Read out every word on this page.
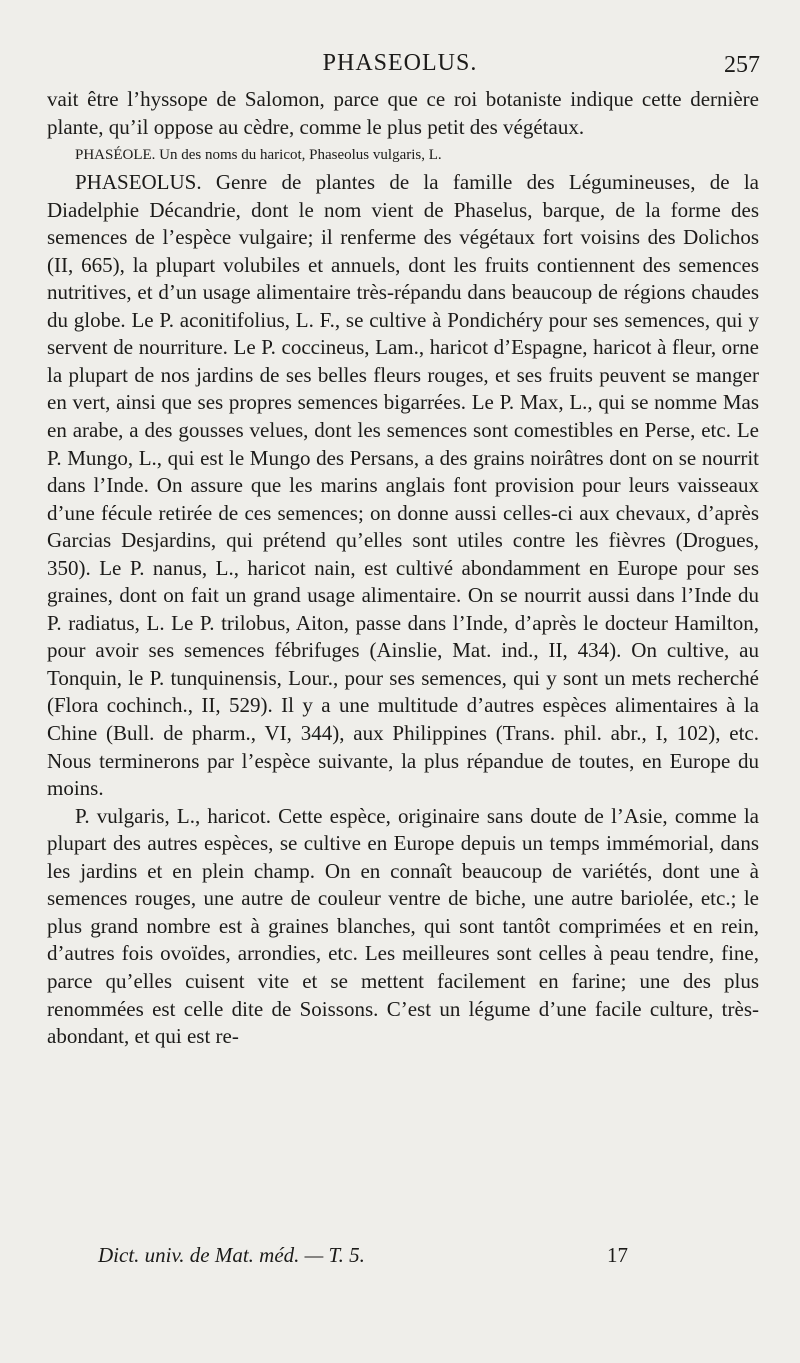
PHASEOLUS.	257

vait être l’hyssope de Salomon, parce que ce roi botaniste indique cette dernière plante, qu’il oppose au cèdre, comme le plus petit des végétaux.

PHASÉOLE. Un des noms du haricot, Phaseolus vulgaris, L.

PHASEOLUS. Genre de plantes de la famille des Légumineuses, de la Diadelphie Décandrie, dont le nom vient de Phaselus, barque, de la forme des semences de l’espèce vulgaire; il renferme des végétaux fort voisins des Dolichos (II, 665), la plupart volubiles et annuels, dont les fruits contiennent des semences nutritives, et d’un usage alimentaire très-répandu dans beaucoup de régions chaudes du globe. Le P. aconitifolius, L. F., se cultive à Pondichéry pour ses semences, qui y servent de nourriture. Le P. coccineus, Lam., haricot d’Espagne, haricot à fleur, orne la plupart de nos jardins de ses belles fleurs rouges, et ses fruits peuvent se manger en vert, ainsi que ses propres semences bigarrées. Le P. Max, L., qui se nomme Mas en arabe, a des gousses velues, dont les semences sont comestibles en Perse, etc. Le P. Mungo, L., qui est le Mungo des Persans, a des grains noirâtres dont on se nourrit dans l’Inde. On assure que les marins anglais font provision pour leurs vaisseaux d’une fécule retirée de ces semences; on donne aussi celles-ci aux chevaux, d’après Garcias Desjardins, qui prétend qu’elles sont utiles contre les fièvres (Drogues, 350). Le P. nanus, L., haricot nain, est cultivé abondamment en Europe pour ses graines, dont on fait un grand usage alimentaire. On se nourrit aussi dans l’Inde du P. radiatus, L. Le P. trilobus, Aiton, passe dans l’Inde, d’après le docteur Hamilton, pour avoir ses semences fébrifuges (Ainslie, Mat. ind., II, 434). On cultive, au Tonquin, le P. tunquinensis, Lour., pour ses semences, qui y sont un mets recherché (Flora cochinch., II, 529). Il y a une multitude d’autres espèces alimentaires à la Chine (Bull. de pharm., VI, 344), aux Philippines (Trans. phil. abr., I, 102), etc. Nous terminerons par l’espèce suivante, la plus répandue de toutes, en Europe du moins.

P. vulgaris, L., haricot. Cette espèce, originaire sans doute de l’Asie, comme la plupart des autres espèces, se cultive en Europe depuis un temps immémorial, dans les jardins et en plein champ. On en connaît beaucoup de variétés, dont une à semences rouges, une autre de couleur ventre de biche, une autre bariolée, etc.; le plus grand nombre est à graines blanches, qui sont tantôt comprimées et en rein, d’autres fois ovoïdes, arrondies, etc. Les meilleures sont celles à peau tendre, fine, parce qu’elles cuisent vite et se mettent facilement en farine; une des plus renommées est celle dite de Soissons. C’est un légume d’une facile culture, très-abondant, et qui est re-

Dict. univ. de Mat. méd. — T. 5.	17
